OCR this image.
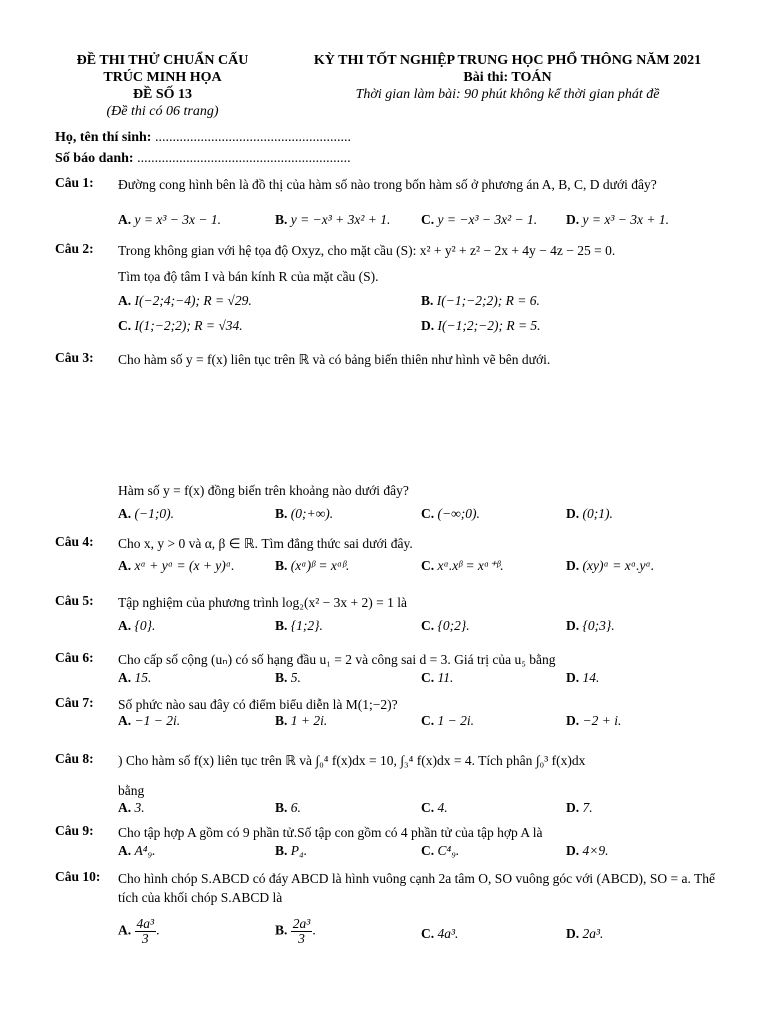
ĐỀ THI THỬ CHUẨN CẤU
TRÚC MINH HỌA
ĐỀ SỐ 13
(Đề thi có 06 trang)
KỲ THI TỐT NGHIỆP TRUNG HỌC PHỔ THÔNG NĂM 2021
Bài thi: TOÁN
Thời gian làm bài: 90 phút không kể thời gian phát đề
Họ, tên thí sinh: ........................................................
Số báo danh: .............................................................
Câu 1: Đường cong hình bên là đồ thị của hàm số nào trong bốn hàm số ở phương án A, B, C, D dưới đây?
A. y = x³ − 3x − 1.	B. y = −x³ + 3x² + 1. C. y = −x³ − 3x² − 1. D. y = x³ − 3x + 1.
Câu 2: Trong không gian với hệ tọa độ Oxyz, cho mặt cầu (S): x² + y² + z² − 2x + 4y − 4z − 25 = 0.
Tìm tọa độ tâm I và bán kính R của mặt cầu (S).
A. I(−2;4;−4); R = √29.	B. I(−1;−2;2); R = 6.
C. I(1;−2;2); R = √34.	D. I(−1;2;−2); R = 5.
Câu 3: Cho hàm số y = f(x) liên tục trên ℝ và có bảng biến thiên như hình vẽ bên dưới.
Hàm số y = f(x) đồng biến trên khoảng nào dưới đây?
A. (−1;0).	B. (0;+∞).	C. (−∞;0).	D. (0;1).
Câu 4: Cho x, y > 0 và α, β ∈ ℝ. Tìm đẳng thức sai dưới đây.
A. xᵅ + yᵅ = (x + y)ᵅ.	B. (xᵅ)ᵝ = xᵅᵝ.	C. xᵅ.xᵝ = xᵅ⁺ᵝ.	D. (xy)ᵅ = xᵅ.yᵅ.
Câu 5: Tập nghiệm của phương trình log₂(x² − 3x + 2) = 1 là
A. {0}.	B. {1;2}.	C. {0;2}.	D. {0;3}.
Câu 6: Cho cấp số cộng (uₙ) có số hạng đầu u₁ = 2 và công sai d = 3. Giá trị của u₅ bằng
A. 15.	B. 5.	C. 11.	D. 14.
Câu 7: Số phức nào sau đây có điểm biểu diễn là M(1;−2)?
A. −1 − 2i.	B. 1 + 2i.	C. 1 − 2i.	D. −2 + i.
Câu 8: ) Cho hàm số f(x) liên tục trên ℝ và ∫₀⁴ f(x)dx = 10, ∫₃⁴ f(x)dx = 4. Tích phân ∫₀³ f(x)dx
bằng
A. 3.	B. 6.	C. 4.	D. 7.
Câu 9: Cho tập hợp A gồm có 9 phần tử.Số tập con gồm có 4 phần tử của tập hợp A là
A. A⁴₉.	B. P₄.	C. C⁴₉.	D. 4×9.
Câu 10: Cho hình chóp S.ABCD có đáy ABCD là hình vuông cạnh 2a tâm O, SO vuông góc với (ABCD), SO = a. Thể tích của khối chóp S.ABCD là
A. $\frac{\text{4a³}}{3}$ .	B. $\frac{\text{2a³}}{3}$ .	C. 4a³.	D. 2a³.
